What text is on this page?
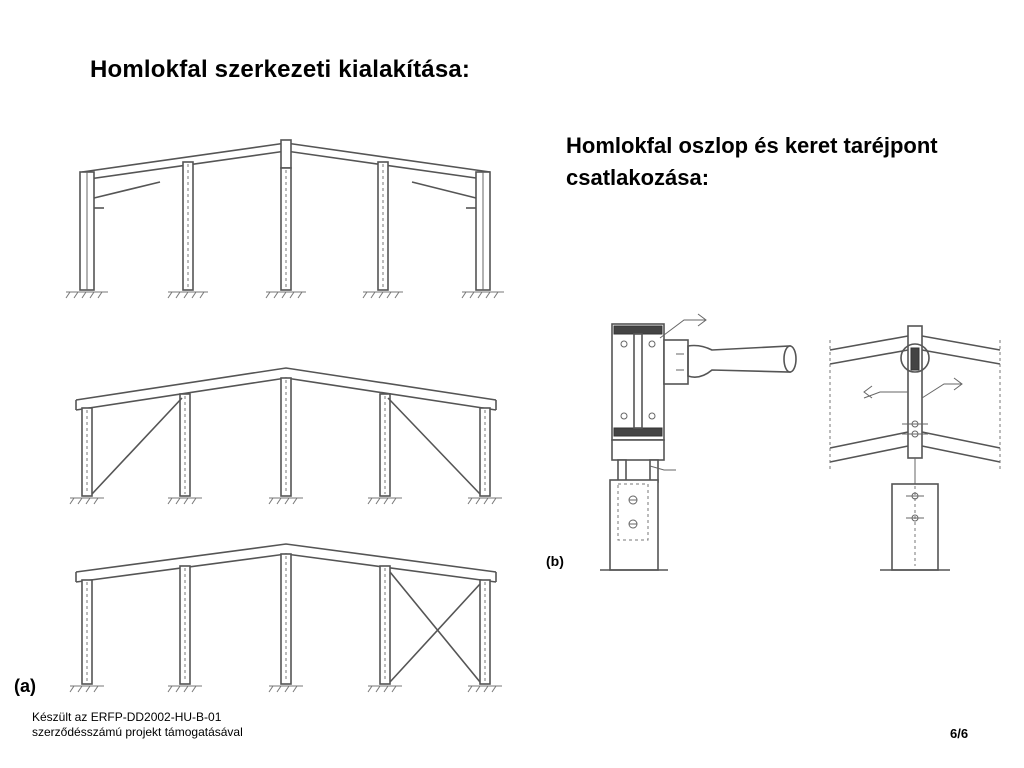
Homlokfal szerkezeti kialakítása:
Homlokfal oszlop és keret taréjpont
csatlakozása:
(a)
(b)
Készült az ERFP-DD2002-HU-B-01
szerződésszámú projekt támogatásával	6/6
